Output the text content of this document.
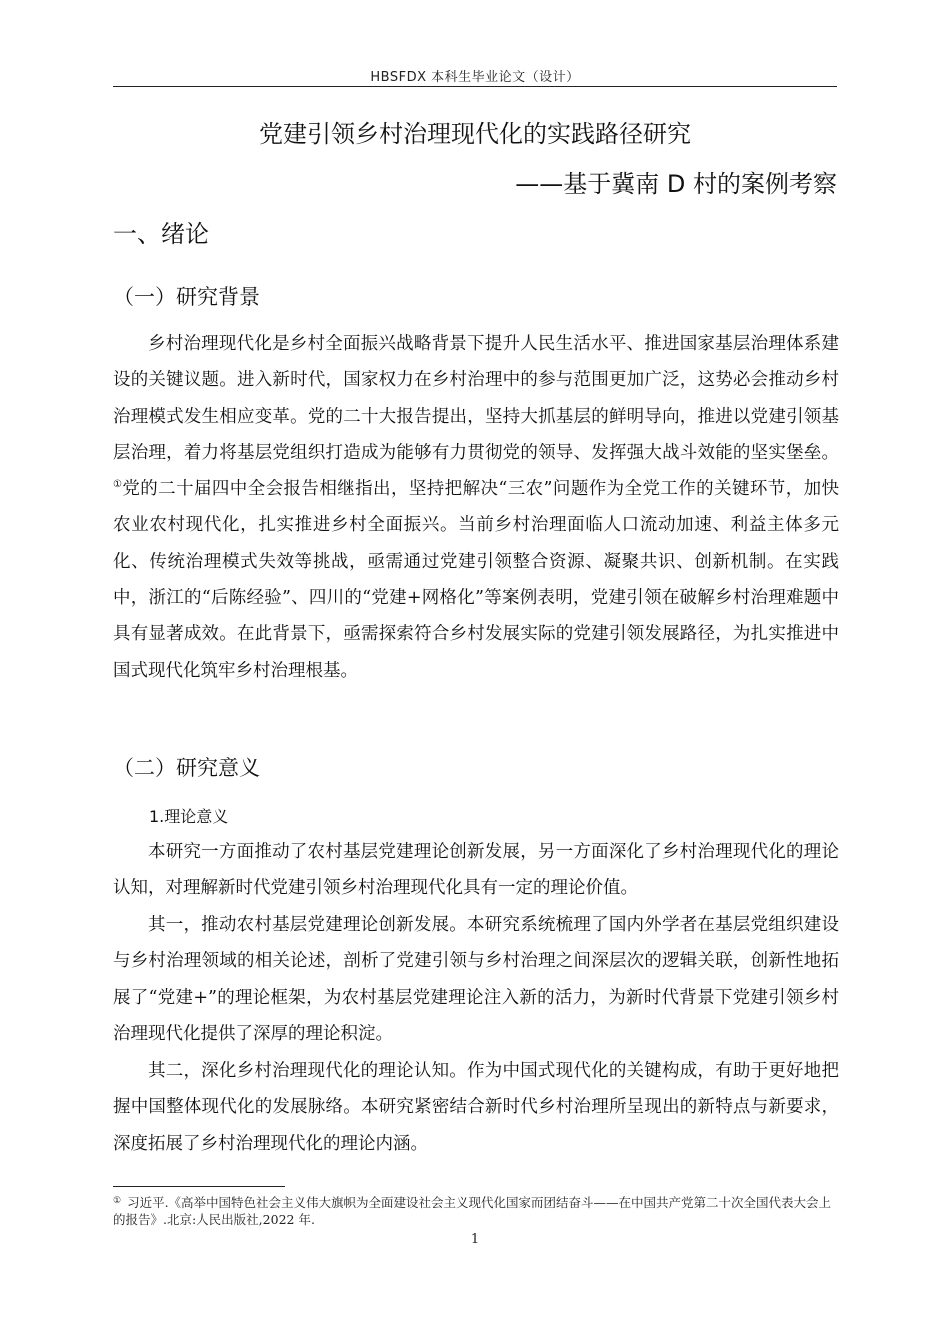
HBSFDX 本科生毕业论文（设计）
党建引领乡村治理现代化的实践路径研究
——基于冀南 D 村的案例考察
一、绪论
（一）研究背景
乡村治理现代化是乡村全面振兴战略背景下提升人民生活水平、推进国家基层治理体系建设的关键议题。进入新时代，国家权力在乡村治理中的参与范围更加广泛，这势必会推动乡村治理模式发生相应变革。党的二十大报告提出，坚持大抓基层的鲜明导向，推进以党建引领基层治理，着力将基层党组织打造成为能够有力贯彻党的领导、发挥强大战斗效能的坚实堡垒。①党的二十届四中全会报告相继指出，坚持把解决“三农”问题作为全党工作的关键环节，加快农业农村现代化，扎实推进乡村全面振兴。当前乡村治理面临人口流动加速、利益主体多元化、传统治理模式失效等挑战，亟需通过党建引领整合资源、凝聚共识、创新机制。在实践中，浙江的“后陈经验”、四川的“党建+网格化”等案例表明，党建引领在破解乡村治理难题中具有显著成效。在此背景下，亟需探索符合乡村发展实际的党建引领发展路径，为扎实推进中国式现代化筑牢乡村治理根基。
（二）研究意义
1.理论意义
本研究一方面推动了农村基层党建理论创新发展，另一方面深化了乡村治理现代化的理论认知，对理解新时代党建引领乡村治理现代化具有一定的理论价值。
其一，推动农村基层党建理论创新发展。本研究系统梳理了国内外学者在基层党组织建设与乡村治理领域的相关论述，剖析了党建引领与乡村治理之间深层次的逻辑关联，创新性地拓展了“党建+”的理论框架，为农村基层党建理论注入新的活力，为新时代背景下党建引领乡村治理现代化提供了深厚的理论积淀。
其二，深化乡村治理现代化的理论认知。作为中国式现代化的关键构成，有助于更好地把握中国整体现代化的发展脉络。本研究紧密结合新时代乡村治理所呈现出的新特点与新要求，深度拓展了乡村治理现代化的理论内涵。
① 习近平.《高举中国特色社会主义伟大旗帜为全面建设社会主义现代化国家而团结奋斗——在中国共产党第二十次全国代表大会上的报告》.北京:人民出版社,2022 年.
1
